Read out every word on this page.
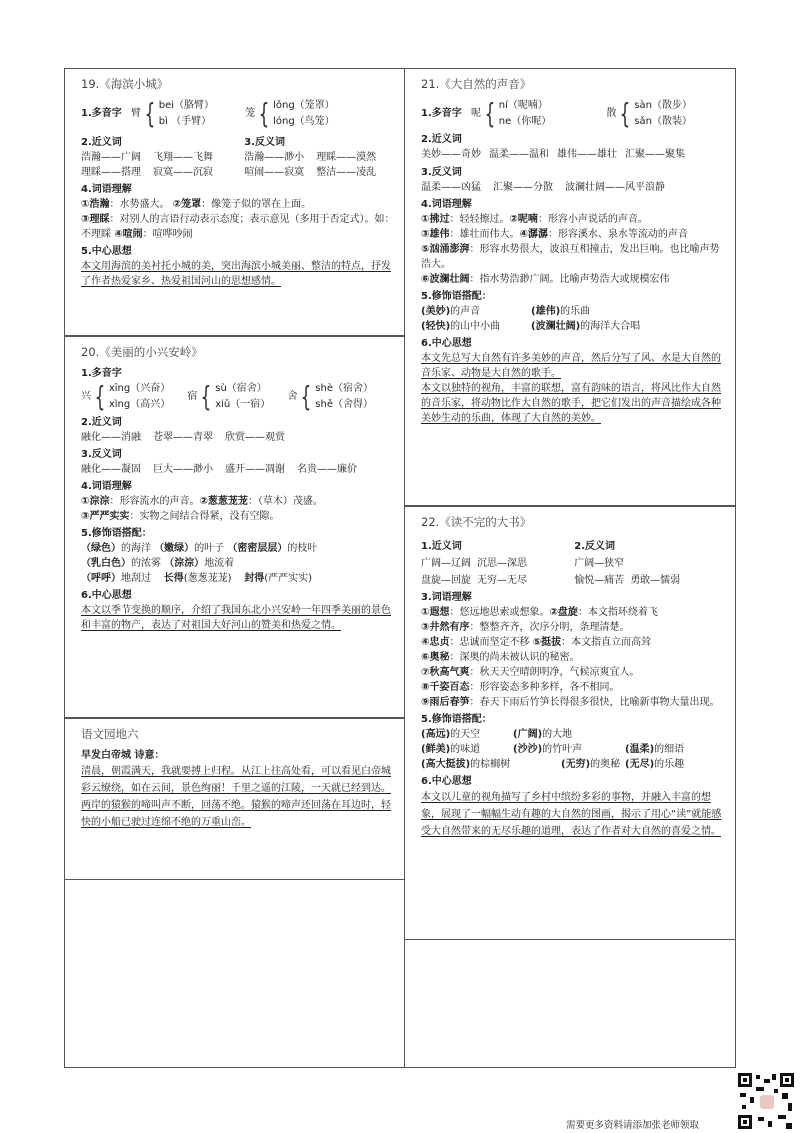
19.《海滨小城》
1.多音字 臂 { bei（胳臂）
bì （手臂）
笼 { lǒng（笼罩）
lóng（鸟笼）
2.近义词
浩瀚——广阔 飞翔——飞舞
理睬——搭理 寂寞——沉寂

3.反义词
浩瀚——渺小 理睬——漠然
喧闹——寂寞 整洁——凌乱
4.词语理解
①浩瀚：水势盛大。 ②笼罩：像笼子似的罩在上面。
③理睬：对别人的言语行动表示态度；表示意见（多用于否定式）。如：不理睬 ④喧闹：喧哗吵闹
5.中心思想
本文用海滨的美衬托小城的美，突出海滨小城美丽、整洁的特点，抒发了作者热爱家乡、热爱祖国河山的思想感情。
20.《美丽的小兴安岭》
1.多音字
兴 { xīng（兴奋）
xìng（高兴）
宿 { sù（宿舍）
xiǔ（一宿）
舍 { shè（宿舍）
shě（舍得）
2.近义词
融化——消融 苍翠——青翠 欣赏——观赏
3.反义词
融化——凝固 巨大——渺小 盛开——凋谢 名贵——廉价
4.词语理解
①淙淙：形容流水的声音。②葱葱茏茏：（草木）茂盛。
③严严实实：实物之间结合得紧，没有空隙。
5.修饰语搭配：
（绿色）的海洋 （嫩绿）的叶子 （密密层层）的枝叶
（乳白色）的浓雾 （淙淙）地流着
（呼呼）地刮过 长得(葱葱茏茏) 封得(严严实实)
6.中心思想
本文以季节变换的顺序，介绍了我国东北小兴安岭一年四季美丽的景色和丰富的物产，表达了对祖国大好河山的赞美和热爱之情。
语文园地六
早发白帝城 诗意：
清晨，朝霞满天，我就要搏上归程。从江上往高处看，可以看见白帝城彩云缭绕，如在云间，景色绚丽！千里之遥的江陵，一天就已经到达。两岸的猿猴的啼叫声不断，回荡不绝。猿猴的啼声还回荡在耳边时，轻快的小船已驶过连绵不绝的万重山峦。
21.《大自然的声音》
1.多音字 呢 { ní（呢喃）
ne（你呢）
散 { sàn（散步）
sǎn（散装）
2.近义词
美妙——奇妙 温柔——温和 雄伟——雄壮 汇聚——聚集
3.反义词
温柔——凶猛 汇聚——分散 波澜壮阔——风平浪静
4.词语理解
①拂过：轻轻擦过。②呢喃：形容小声说话的声音。
③雄伟：雄壮而伟大。④潺潺：形容溪水、泉水等流动的声音
⑤汹涌澎湃：形容水势很大，波浪互相撞击，发出巨响。也比喻声势浩大。
⑥波澜壮阔：指水势浩渺广阔。比喻声势浩大或规模宏伟
5.修饰语搭配：
(美妙)的声音	(雄伟)的乐曲
(轻快)的山中小曲	(波澜壮阔)的海洋大合唱
6.中心思想
本文先总写大自然有许多美妙的声音，然后分写了风、水是大自然的音乐家、动物是大自然的歌手。
本文以独特的视角，丰富的联想，富有韵味的语言，将风比作大自然的音乐家，将动物比作大自然的歌手，把它们发出的声音描绘成各种美妙生动的乐曲，体现了大自然的美妙。
22.《读不完的大书》
1.近义词
广阔—辽阔 沉思—深思
盘旋—回旋 无穷—无尽

2.反义词
广阔—狭窄
愉悦—痛苦 勇敢—懦弱
3.词语理解
①遐想：悠远地思索或想象。②盘旋：本文指环绕着飞
③井然有序：整整齐齐，次序分明，条理清楚。
④忠贞：忠诚而坚定不移 ⑤挺拔：本文指直立而高耸
⑥奥秘：深奥的尚未被认识的秘密。
⑦秋高气爽：秋天天空晴朗明净，气候凉爽宜人。
⑧千姿百态：形容姿态多种多样，各不相同。
⑨雨后春笋：春天下雨后竹笋长得很多很快，比喻新事物大量出现。
5.修饰语搭配：
(高远)的天空	(广阔)的大地
(鲜美)的味道	(沙沙)的竹叶声	(温柔)的细语
(高大挺拔)的棕榈树	(无穷)的奥秘 (无尽)的乐趣
6.中心思想
本文以儿童的视角描写了乡村中缤纷多彩的事物，并融入丰富的想象，展现了一幅幅生动有趣的大自然的图画，揭示了用心“读”就能感受大自然带来的无尽乐趣的道理，表达了作者对大自然的喜爱之情。
需要更多资料请添加张老师领取
